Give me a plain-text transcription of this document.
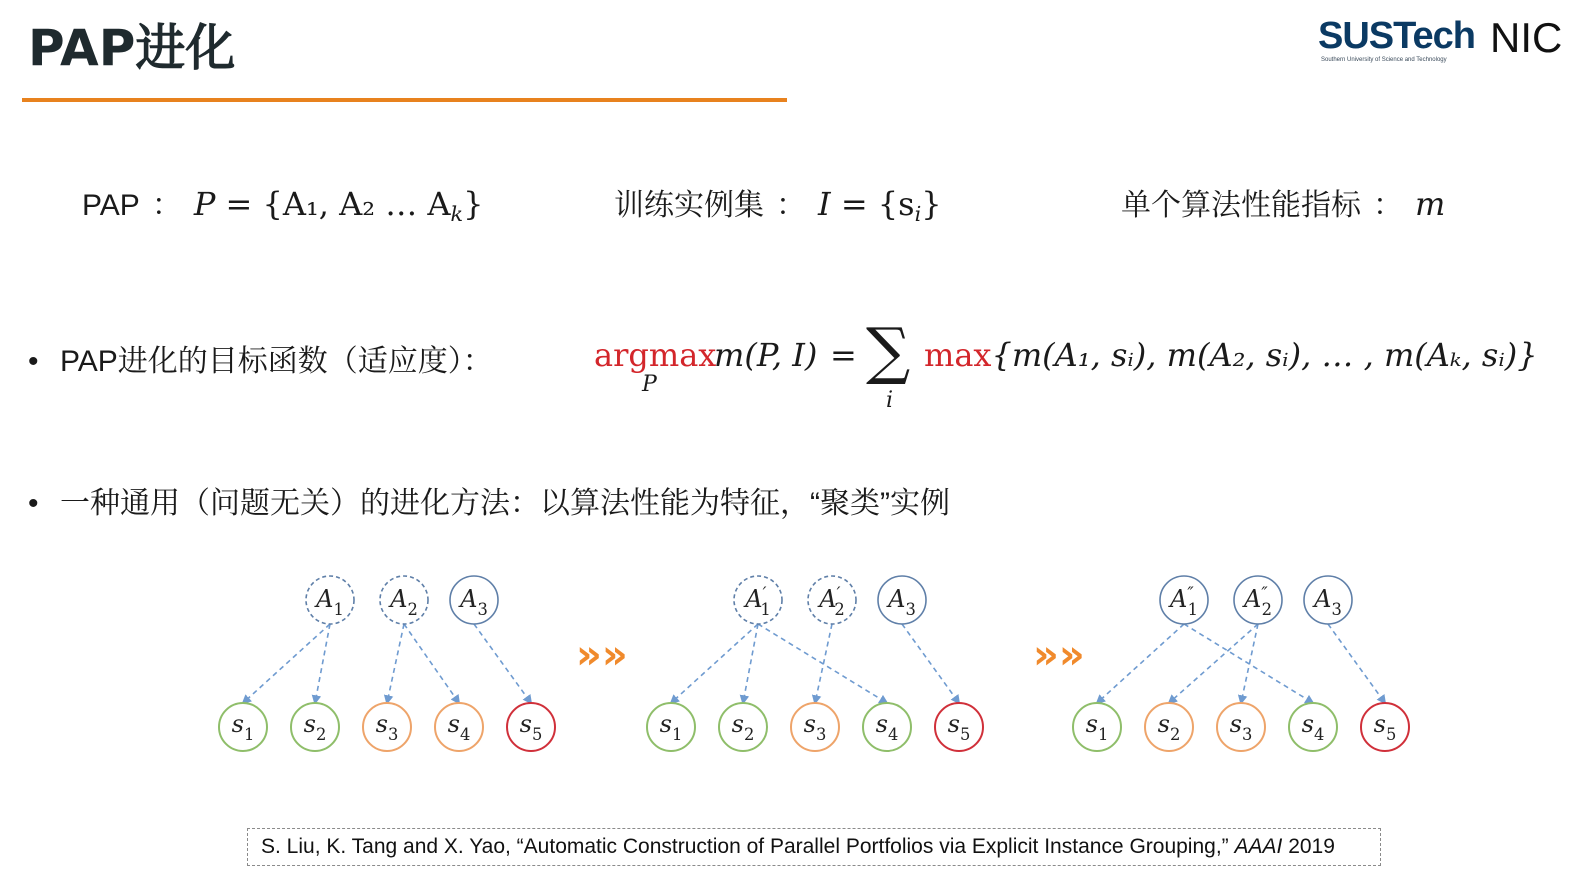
PAP进化	SUSTech
Southern University of Science and Technology	NIC
PAP ： P = {A₁, A₂ … Ak}	训练实例集 ： I = {si}	单个算法性能指标 ： m
• PAP进化的目标函数（适应度）：	argmax
P
m(P, I) = ∑
i
max{m(A₁, sᵢ), m(A₂, sᵢ), … , m(Aₖ, sᵢ)}
• 一种通用（问题无关）的进化方法：以算法性能为特征，“聚类”实例
$A_1$ $A_2$ $A_3$
$s_1$ $s_2$ $s_3$ $s_4$ $s_5$
A′ 1 A′ 2 $A_3$
$s_1$ $s_2$ $s_3$ $s_4$ $s_5$
A″ 1 A″ 2 $A_3$
$s_1$ $s_2$ $s_3$ $s_4$ $s_5$
»»	»»
S. Liu, K. Tang and X. Yao, “Automatic Construction of Parallel Portfolios via Explicit Instance Grouping,” AAAI 2019
